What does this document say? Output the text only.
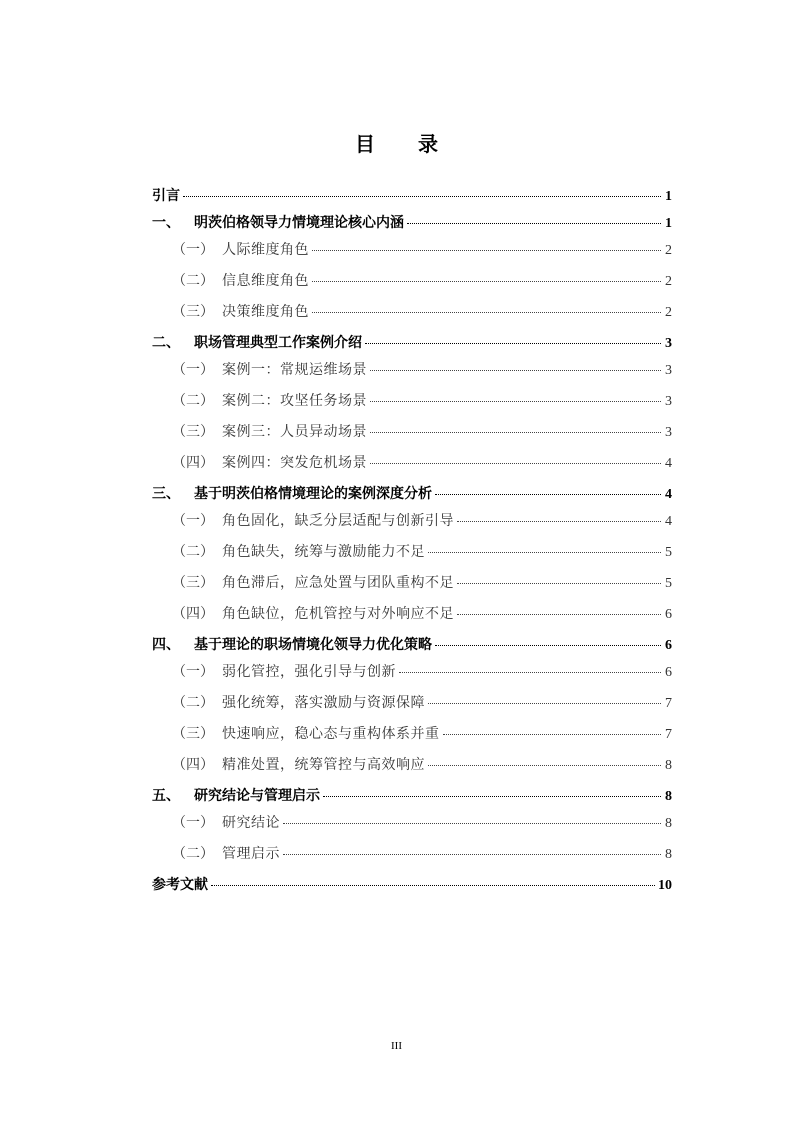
目 录
引言	1
一、	明茨伯格领导力情境理论核心内涵	1
（一） 人际维度角色	2
（二） 信息维度角色	2
（三） 决策维度角色	2
二、	职场管理典型工作案例介绍	3
（一） 案例一：常规运维场景	3
（二） 案例二：攻坚任务场景	3
（三） 案例三：人员异动场景	3
（四） 案例四：突发危机场景	4
三、	基于明茨伯格情境理论的案例深度分析	4
（一） 角色固化，缺乏分层适配与创新引导	4
（二） 角色缺失，统筹与激励能力不足	5
（三） 角色滞后，应急处置与团队重构不足	5
（四） 角色缺位，危机管控与对外响应不足	6
四、	基于理论的职场情境化领导力优化策略	6
（一） 弱化管控，强化引导与创新	6
（二） 强化统筹，落实激励与资源保障	7
（三） 快速响应，稳心态与重构体系并重	7
（四） 精准处置，统筹管控与高效响应	8
五、	研究结论与管理启示	8
（一） 研究结论	8
（二） 管理启示	8
参考文献	10
III
